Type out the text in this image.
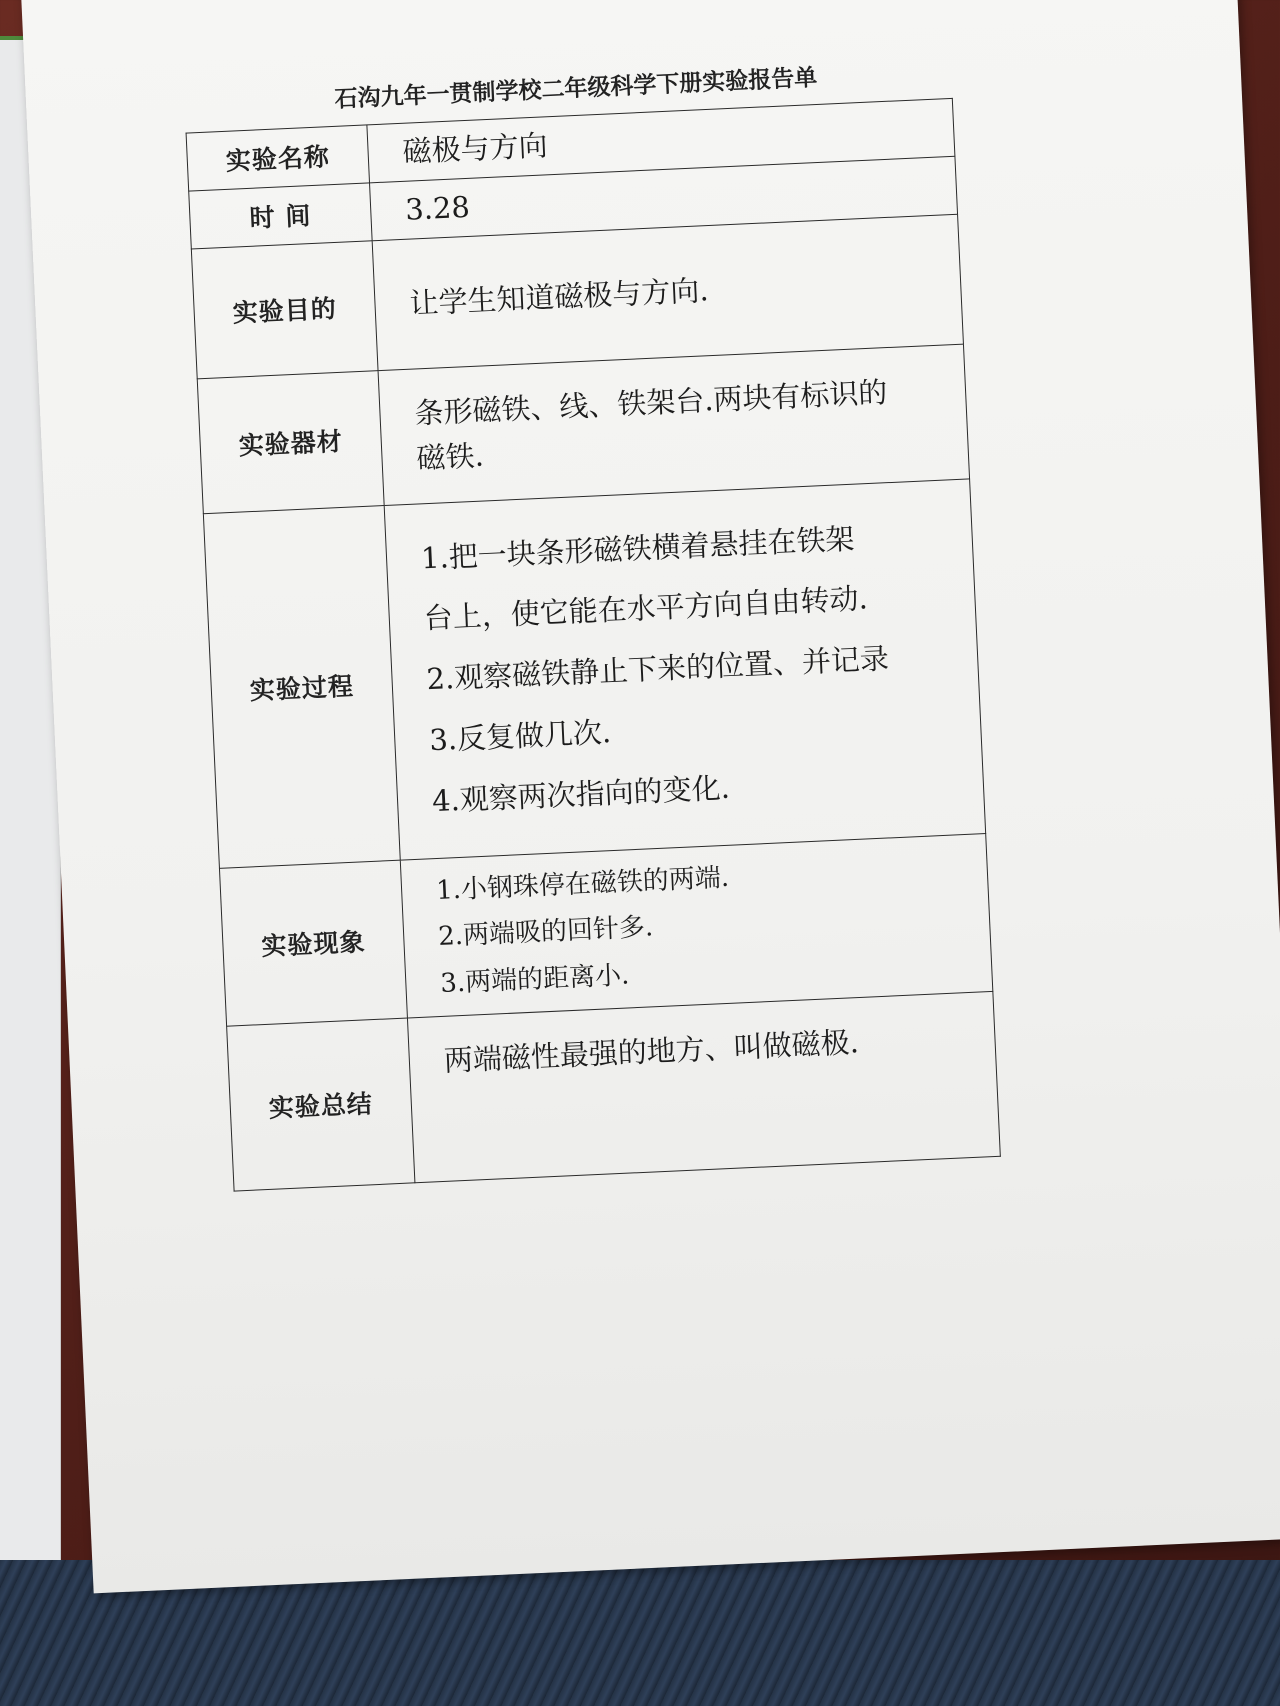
石沟九年一贯制学校二年级科学下册实验报告单
实验名称	磁极与方向
时 间	3.28
实验目的	让学生知道磁极与方向.
实验器材	条形磁铁、线、铁架台.两块有标识的
磁铁.

实验过程	1.把一块条形磁铁横着悬挂在铁架
台上，使它能在水平方向自由转动.
2.观察磁铁静止下来的位置、并记录
3.反复做几次.
4.观察两次指向的变化.

实验现象	1.小钢珠停在磁铁的两端.
2.两端吸的回针多.
3.两端的距离小.

实验总结	两端磁性最强的地方、叫做磁极.
